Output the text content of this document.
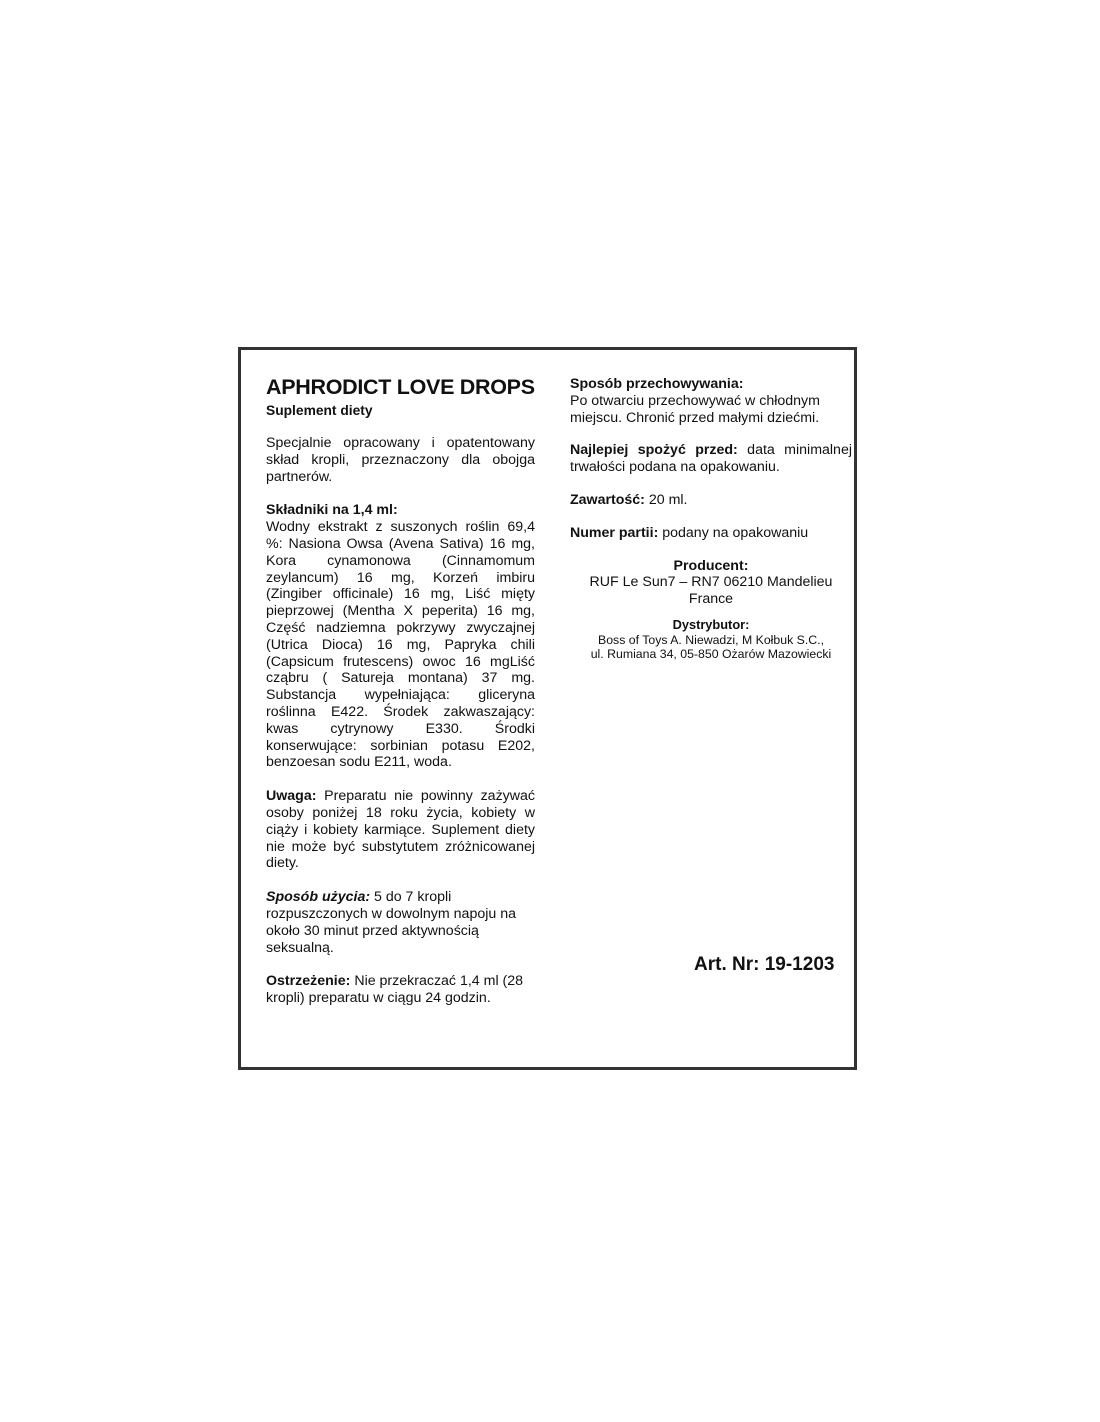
APHRODICT LOVE DROPS

Suplement diety

Specjalnie opracowany i opatentowany skład kropli, przeznaczony dla obojga partnerów.

Składniki na 1,4 ml:
Wodny ekstrakt z suszonych roślin 69,4 %: Nasiona Owsa (Avena Sativa) 16 mg, Kora cynamonowa (Cinnamomum zeylancum) 16 mg, Korzeń imbiru (Zingiber officinale) 16 mg, Liść mięty pieprzowej (Mentha X peperita) 16 mg, Część nadziemna pokrzywy zwyczajnej (Utrica Dioca) 16 mg, Papryka chili (Capsicum frutescens) owoc 16 mgLiść cząbru ( Satureja montana) 37 mg. Substancja wypełniająca: gliceryna roślinna E422. Środek zakwaszający: kwas cytrynowy E330. Środki konserwujące: sorbinian potasu E202, benzoesan sodu E211, woda.

Uwaga: Preparatu nie powinny zażywać osoby poniżej 18 roku życia, kobiety w ciąży i kobiety karmiące. Suplement diety nie może być substytutem zróżnicowanej diety.

Sposób użycia: 5 do 7 kropli rozpuszczonych w dowolnym napoju na około 30 minut przed aktywnością seksualną.

Ostrzeżenie: Nie przekraczać 1,4 ml (28 kropli) preparatu w ciągu 24 godzin.

Sposób przechowywania:
Po otwarciu przechowywać w chłodnym miejscu. Chronić przed małymi dziećmi.

Najlepiej spożyć przed: data minimalnej trwałości podana na opakowaniu.

Zawartość: 20 ml.

Numer partii: podany na opakowaniu

Producent:
RUF Le Sun7 – RN7 06210 Mandelieu
France
Dystrybutor:
Boss of Toys A. Niewadzi, M Kołbuk S.C.,
ul. Rumiana 34, 05-850 Ożarów Mazowiecki
Art. Nr: 19-1203
